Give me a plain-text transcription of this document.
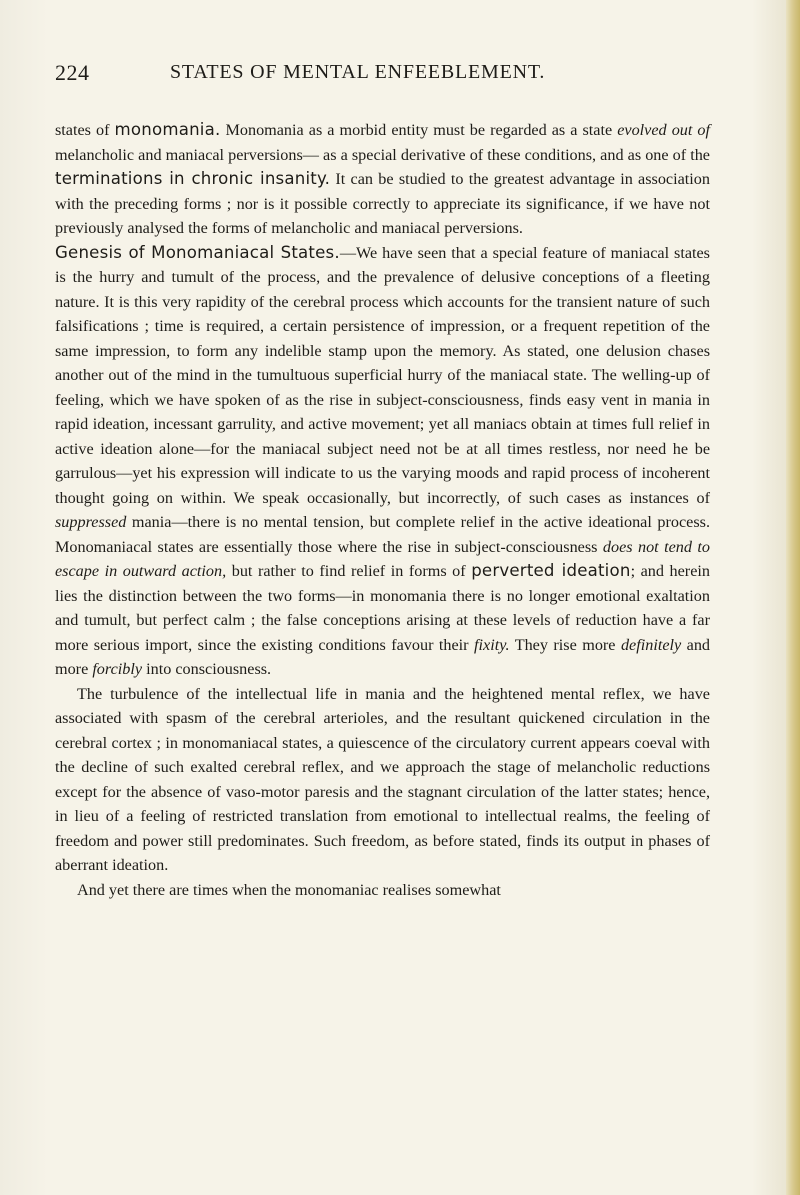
224	STATES OF MENTAL ENFEEBLEMENT.

states of monomania. Monomania as a morbid entity must be regarded as a state evolved out of melancholic and maniacal perversions— as a special derivative of these conditions, and as one of the terminations in chronic insanity. It can be studied to the greatest advantage in association with the preceding forms ; nor is it possible correctly to appreciate its significance, if we have not previously analysed the forms of melancholic and maniacal perversions.

Genesis of Monomaniacal States.—We have seen that a special feature of maniacal states is the hurry and tumult of the process, and the prevalence of delusive conceptions of a fleeting nature. It is this very rapidity of the cerebral process which accounts for the transient nature of such falsifications ; time is required, a certain persistence of impression, or a frequent repetition of the same impression, to form any indelible stamp upon the memory. As stated, one delusion chases another out of the mind in the tumultuous superficial hurry of the maniacal state. The welling-up of feeling, which we have spoken of as the rise in subject-consciousness, finds easy vent in mania in rapid ideation, incessant garrulity, and active movement; yet all maniacs obtain at times full relief in active ideation alone—for the maniacal subject need not be at all times restless, nor need he be garrulous—yet his expression will indicate to us the varying moods and rapid process of incoherent thought going on within. We speak occasionally, but incorrectly, of such cases as instances of suppressed mania—there is no mental tension, but complete relief in the active ideational process. Monomaniacal states are essentially those where the rise in subject-consciousness does not tend to escape in outward action, but rather to find relief in forms of perverted ideation; and herein lies the distinction between the two forms—in monomania there is no longer emotional exaltation and tumult, but perfect calm ; the false conceptions arising at these levels of reduction have a far more serious import, since the existing conditions favour their fixity. They rise more definitely and more forcibly into consciousness.

The turbulence of the intellectual life in mania and the heightened mental reflex, we have associated with spasm of the cerebral arterioles, and the resultant quickened circulation in the cerebral cortex ; in monomaniacal states, a quiescence of the circulatory current appears coeval with the decline of such exalted cerebral reflex, and we approach the stage of melancholic reductions except for the absence of vaso-motor paresis and the stagnant circulation of the latter states; hence, in lieu of a feeling of restricted translation from emotional to intellectual realms, the feeling of freedom and power still predominates. Such freedom, as before stated, finds its output in phases of aberrant ideation.

And yet there are times when the monomaniac realises somewhat
